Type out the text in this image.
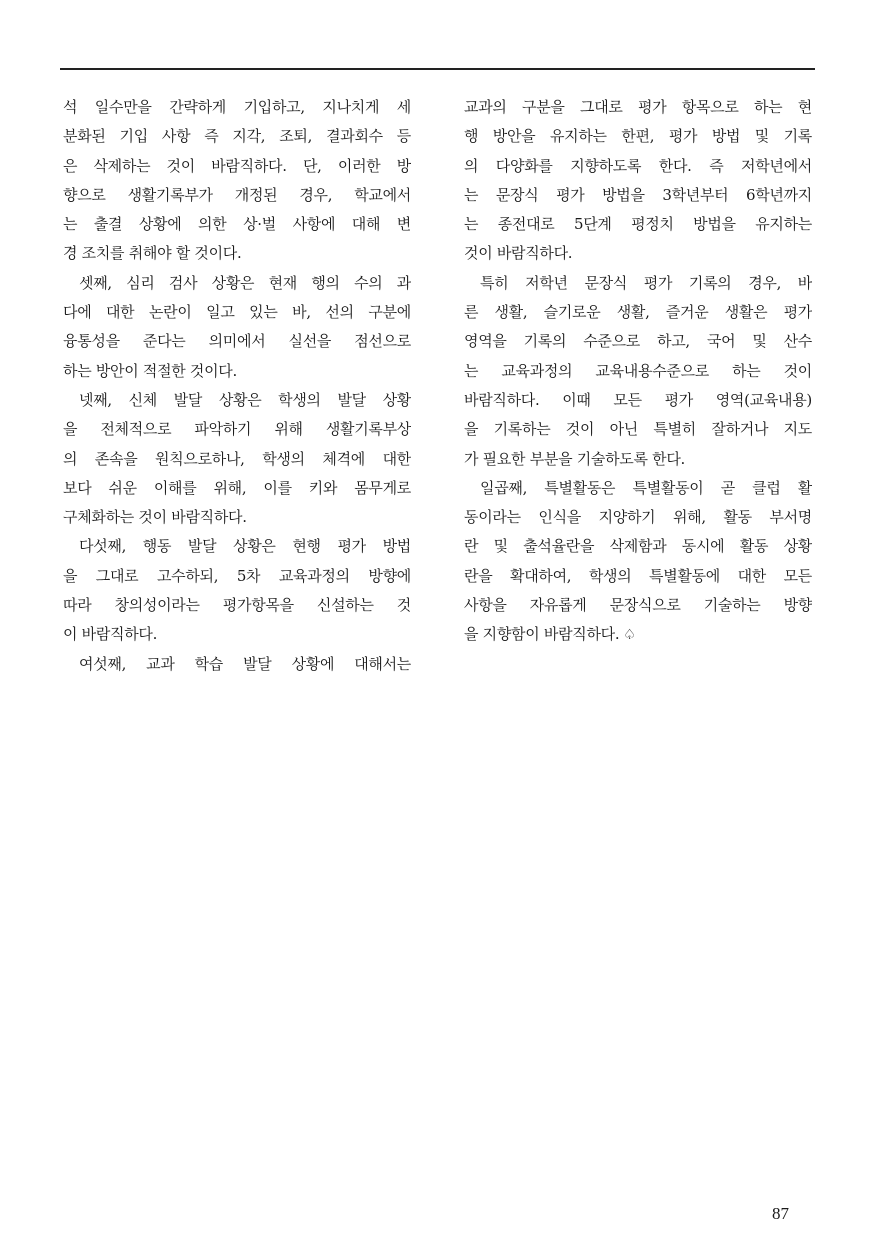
석 일수만을 간략하게 기입하고, 지나치게 세
분화된 기입 사항 즉 지각, 조퇴, 결과회수 등
은 삭제하는 것이 바람직하다. 단, 이러한 방
향으로 생활기록부가 개정된 경우, 학교에서
는 출결 상황에 의한 상·벌 사항에 대해 변
경 조치를 취해야 할 것이다.

셋째, 심리 검사 상황은 현재 행의 수의 과
다에 대한 논란이 일고 있는 바, 선의 구분에
융통성을 준다는 의미에서 실선을 점선으로
하는 방안이 적절한 것이다.

넷째, 신체 발달 상황은 학생의 발달 상황
을 전체적으로 파악하기 위해 생활기록부상
의 존속을 원칙으로하나, 학생의 체격에 대한
보다 쉬운 이해를 위해, 이를 키와 몸무게로
구체화하는 것이 바람직하다.

다섯째, 행동 발달 상황은 현행 평가 방법
을 그대로 고수하되, 5차 교육과정의 방향에
따라 창의성이라는 평가항목을 신설하는 것
이 바람직하다.

여섯째, 교과 학습 발달 상황에 대해서는

교과의 구분을 그대로 평가 항목으로 하는 현
행 방안을 유지하는 한편, 평가 방법 및 기록
의 다양화를 지향하도록 한다. 즉 저학년에서
는 문장식 평가 방법을 3학년부터 6학년까지
는 종전대로 5단계 평정치 방법을 유지하는
것이 바람직하다.

특히 저학년 문장식 평가 기록의 경우, 바
른 생활, 슬기로운 생활, 즐거운 생활은 평가
영역을 기록의 수준으로 하고, 국어 및 산수
는 교육과정의 교육내용수준으로 하는 것이
바람직하다. 이때 모든 평가 영역(교육내용)
을 기록하는 것이 아닌 특별히 잘하거나 지도
가 필요한 부분을 기술하도록 한다.

일곱째, 특별활동은 특별활동이 곧 클럽 활
동이라는 인식을 지양하기 위해, 활동 부서명
란 및 출석율란을 삭제함과 동시에 활동 상황
란을 확대하여, 학생의 특별활동에 대한 모든
사항을 자유롭게 문장식으로 기술하는 방향
을 지향함이 바람직하다. ♤

87
